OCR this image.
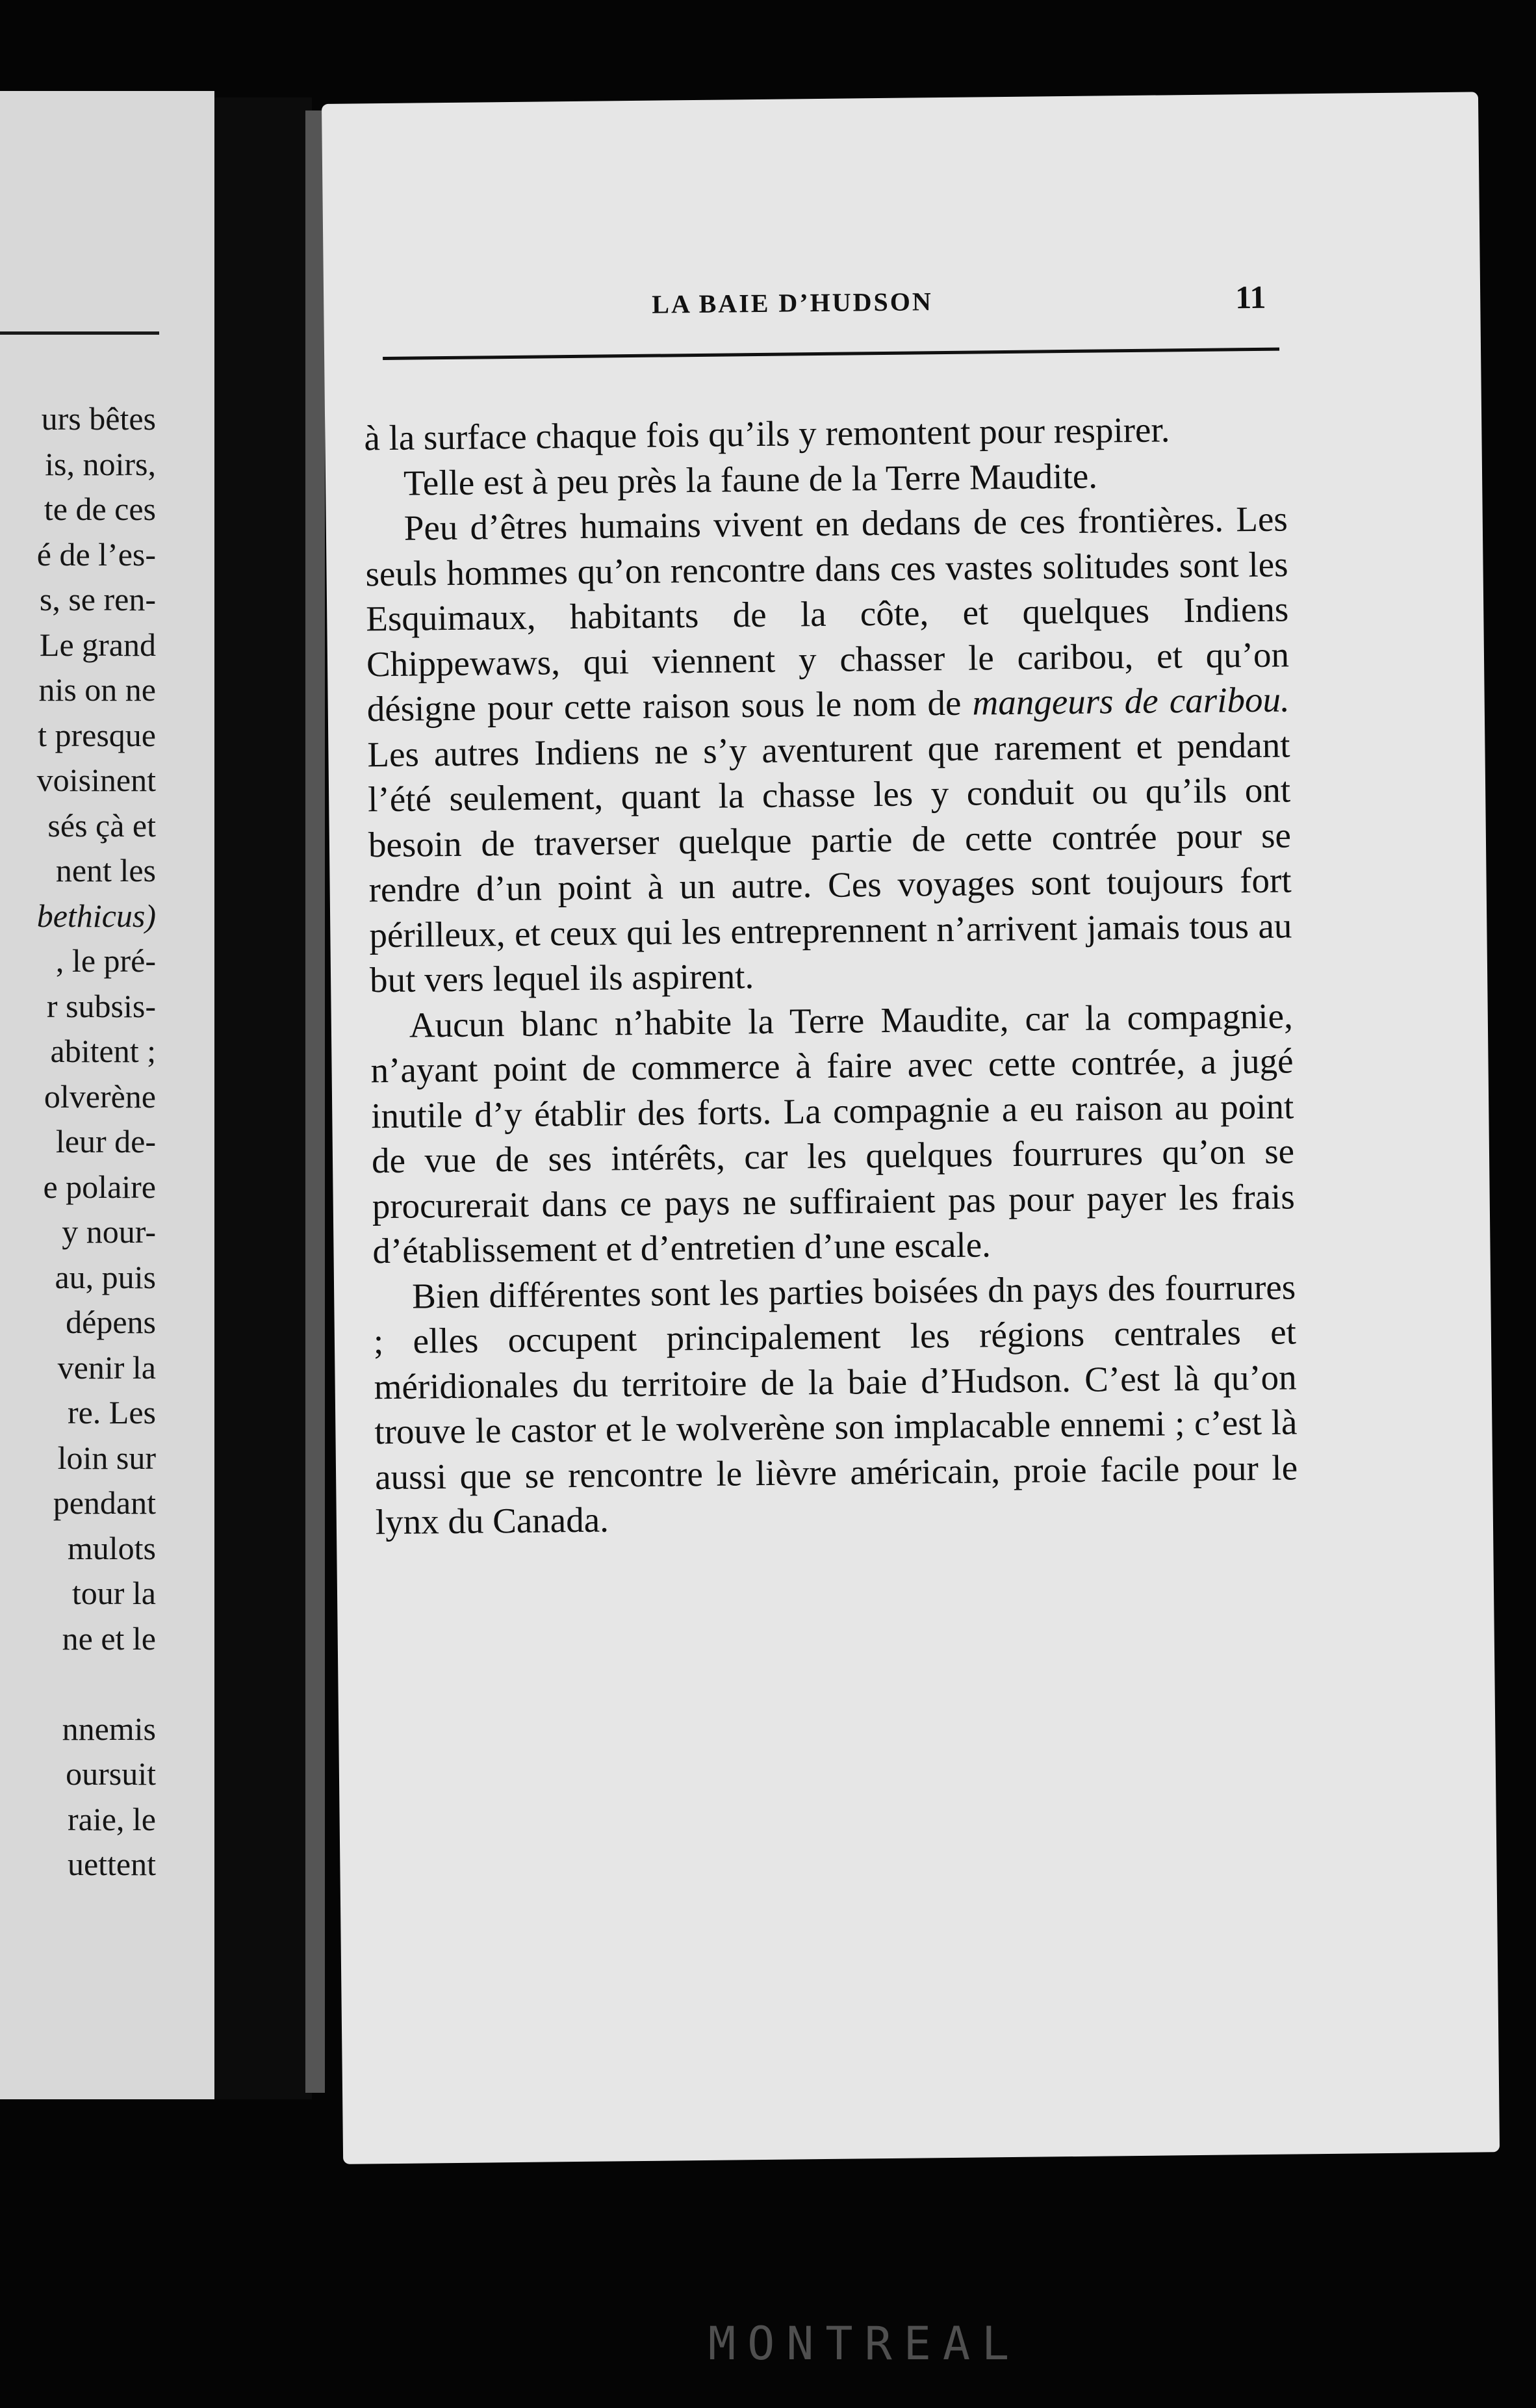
urs bêtes
is, noirs,
te de ces
é de l’es-
s, se ren-
Le grand
nis on ne
t presque
voisinent
sés çà et
nent les
bethicus)
, le pré-
r subsis-
abitent ;
olverène
leur de-
e polaire
y nour-
au, puis
dépens
venir la
re. Les
loin sur
pendant
mulots
tour la
ne et le
nnemis
oursuit
raie, le
uettent
LA BAIE D’HUDSON	11

à la surface chaque fois qu’ils y remontent pour respirer.

Telle est à peu près la faune de la Terre Maudite.

Peu d’êtres humains vivent en dedans de ces frontières. Les seuls hommes qu’on rencontre dans ces vastes solitudes sont les Esquimaux, habitants de la côte, et quelques Indiens Chippewaws, qui viennent y chasser le caribou, et qu’on désigne pour cette raison sous le nom de mangeurs de caribou. Les autres Indiens ne s’y aventurent que rarement et pendant l’été seulement, quant la chasse les y conduit ou qu’ils ont besoin de traverser quelque partie de cette contrée pour se rendre d’un point à un autre. Ces voyages sont toujours fort périlleux, et ceux qui les entreprennent n’arrivent jamais tous au but vers lequel ils aspirent.

Aucun blanc n’habite la Terre Maudite, car la compagnie, n’ayant point de commerce à faire avec cette contrée, a jugé inutile d’y établir des forts. La compagnie a eu raison au point de vue de ses intérêts, car les quelques fourrures qu’on se procurerait dans ce pays ne suffiraient pas pour payer les frais d’établissement et d’entretien d’une escale.

Bien différentes sont les parties boisées dn pays des fourrures ; elles occupent principalement les régions centrales et méridionales du territoire de la baie d’Hudson. C’est là qu’on trouve le castor et le wolverène son implacable ennemi ; c’est là aussi que se rencontre le lièvre américain, proie facile pour le lynx du Canada.

MONTREAL
